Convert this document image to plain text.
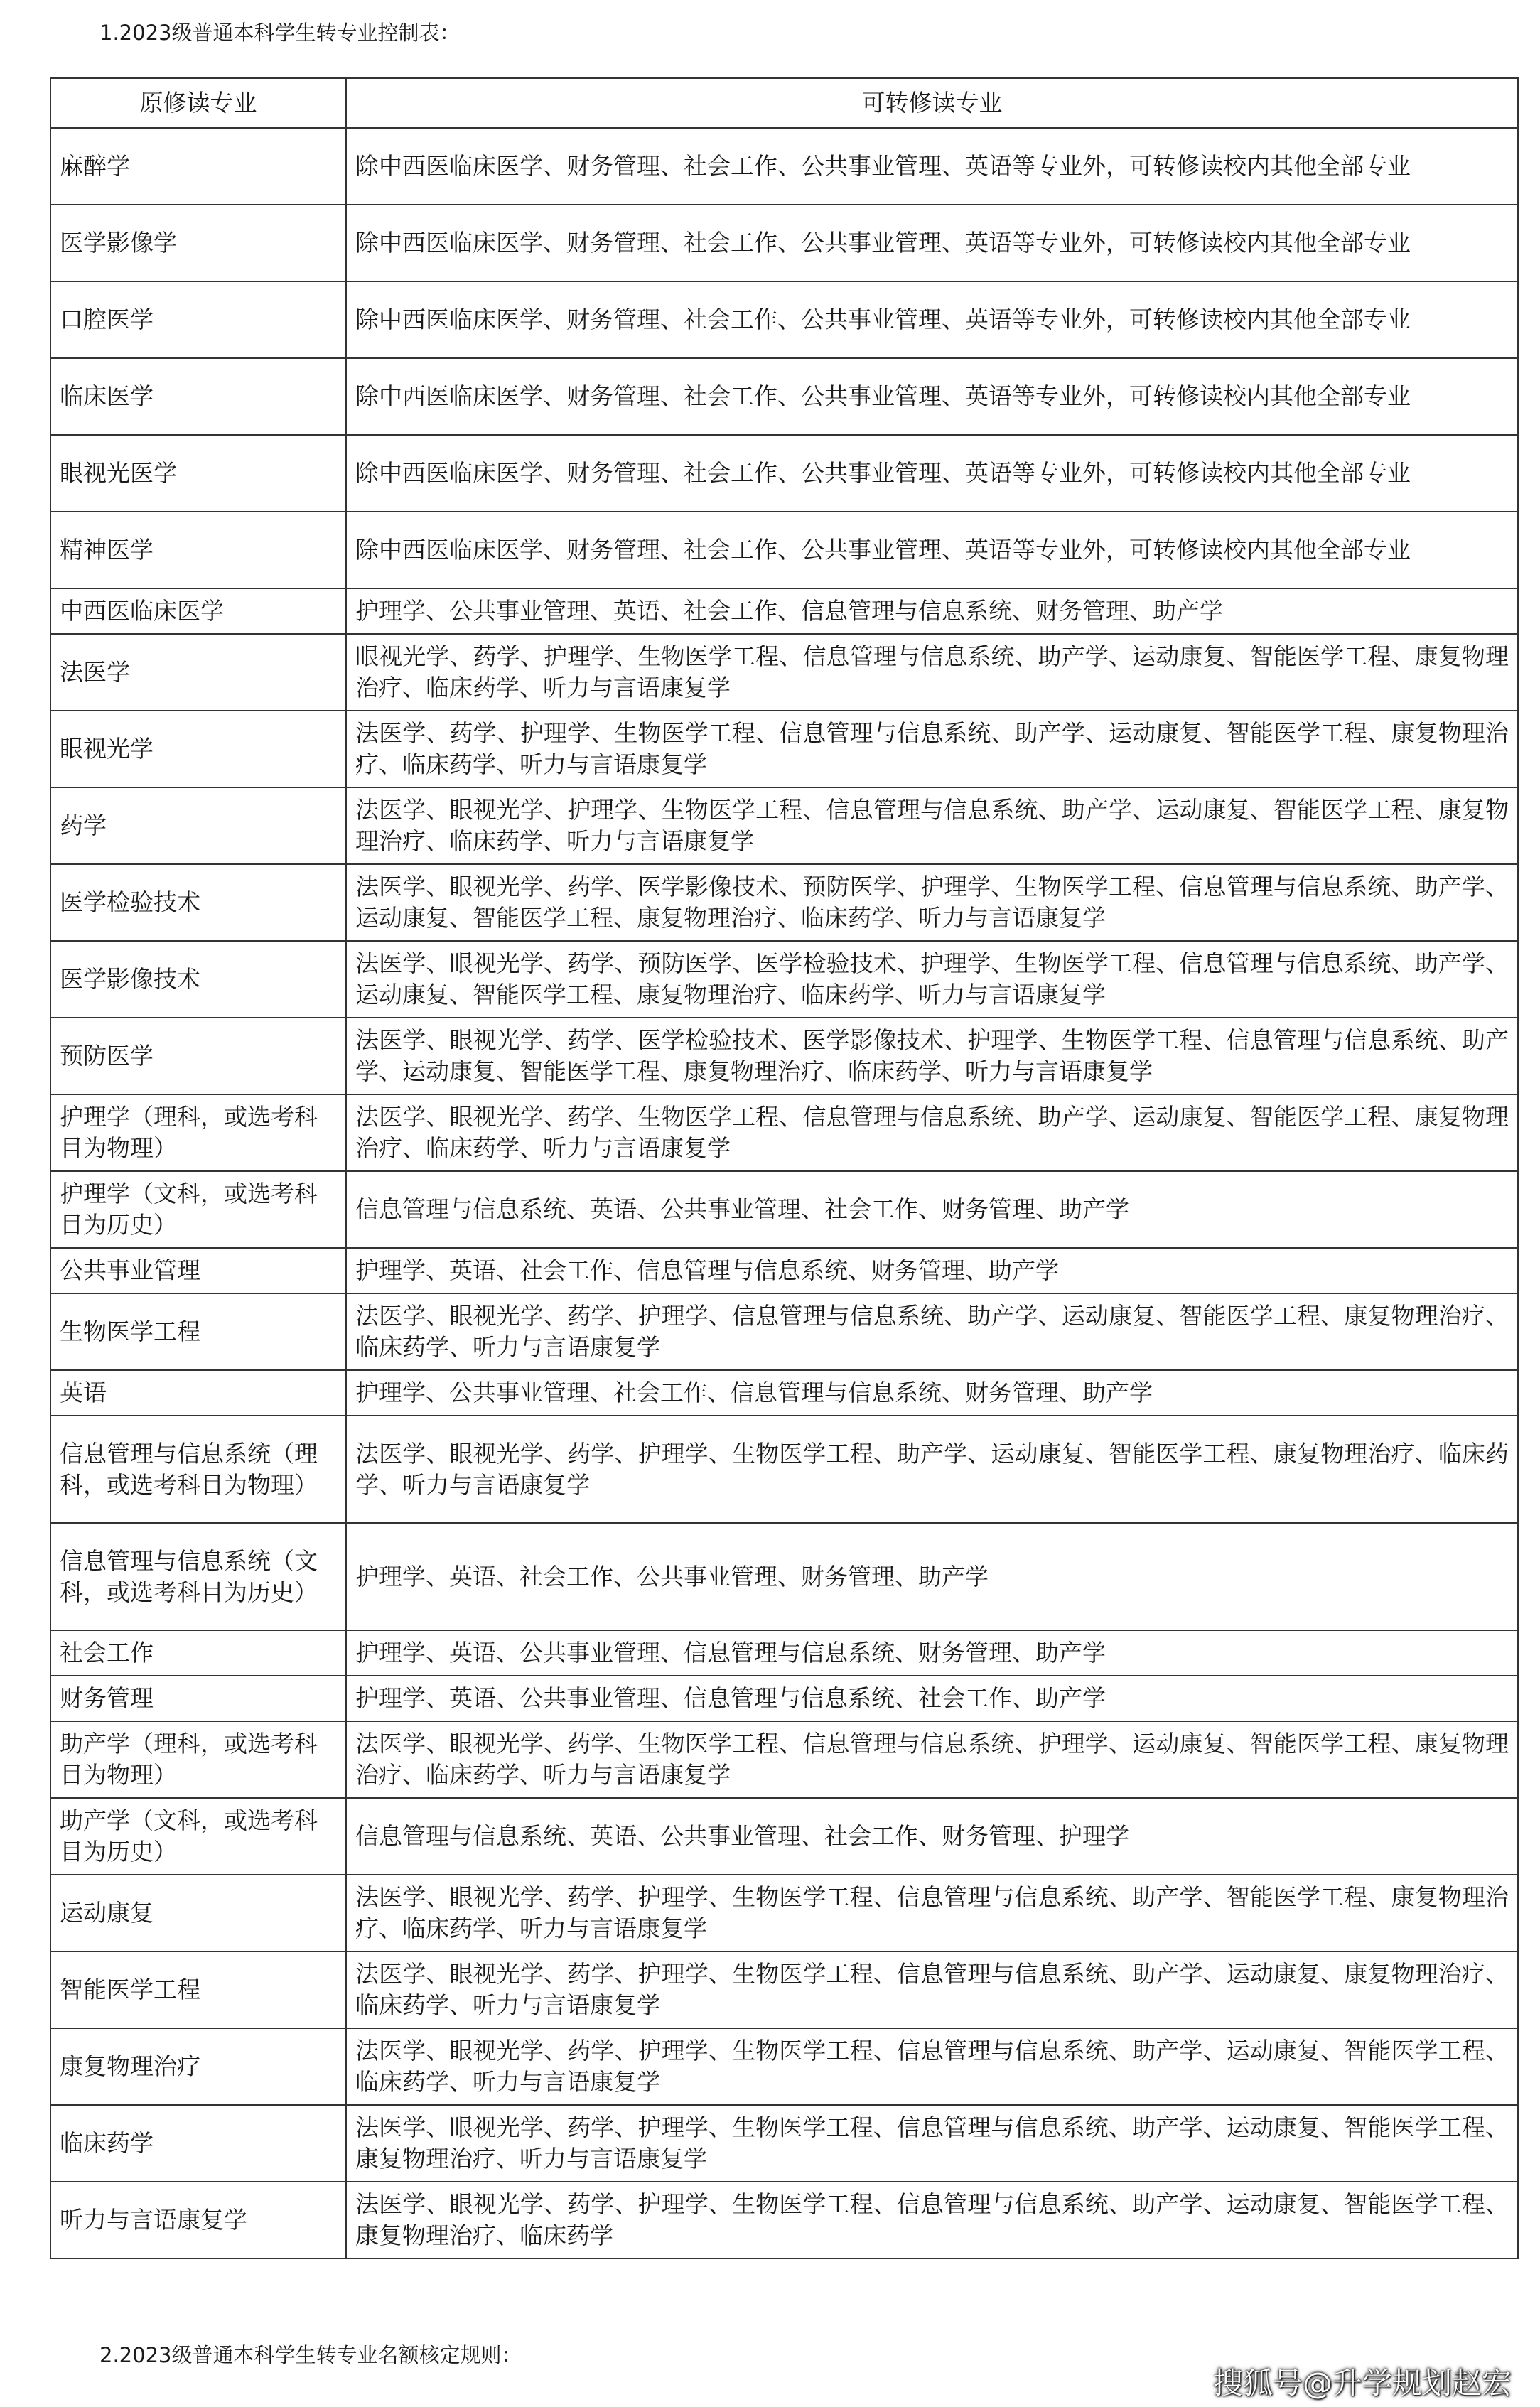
1.2023级普通本科学生转专业控制表：
原修读专业	可转修读专业
麻醉学	除中西医临床医学、财务管理、社会工作、公共事业管理、英语等专业外，可转修读校内其他全部专业
医学影像学	除中西医临床医学、财务管理、社会工作、公共事业管理、英语等专业外，可转修读校内其他全部专业
口腔医学	除中西医临床医学、财务管理、社会工作、公共事业管理、英语等专业外，可转修读校内其他全部专业
临床医学	除中西医临床医学、财务管理、社会工作、公共事业管理、英语等专业外，可转修读校内其他全部专业
眼视光医学	除中西医临床医学、财务管理、社会工作、公共事业管理、英语等专业外，可转修读校内其他全部专业
精神医学	除中西医临床医学、财务管理、社会工作、公共事业管理、英语等专业外，可转修读校内其他全部专业
中西医临床医学	护理学、公共事业管理、英语、社会工作、信息管理与信息系统、财务管理、助产学
法医学	眼视光学、药学、护理学、生物医学工程、信息管理与信息系统、助产学、运动康复、智能医学工程、康复物理治疗、临床药学、听力与言语康复学
眼视光学	法医学、药学、护理学、生物医学工程、信息管理与信息系统、助产学、运动康复、智能医学工程、康复物理治疗、临床药学、听力与言语康复学
药学	法医学、眼视光学、护理学、生物医学工程、信息管理与信息系统、助产学、运动康复、智能医学工程、康复物理治疗、临床药学、听力与言语康复学
医学检验技术	法医学、眼视光学、药学、医学影像技术、预防医学、护理学、生物医学工程、信息管理与信息系统、助产学、运动康复、智能医学工程、康复物理治疗、临床药学、听力与言语康复学
医学影像技术	法医学、眼视光学、药学、预防医学、医学检验技术、护理学、生物医学工程、信息管理与信息系统、助产学、运动康复、智能医学工程、康复物理治疗、临床药学、听力与言语康复学
预防医学	法医学、眼视光学、药学、医学检验技术、医学影像技术、护理学、生物医学工程、信息管理与信息系统、助产学、运动康复、智能医学工程、康复物理治疗、临床药学、听力与言语康复学
护理学（理科，或选考科目为物理）	法医学、眼视光学、药学、生物医学工程、信息管理与信息系统、助产学、运动康复、智能医学工程、康复物理治疗、临床药学、听力与言语康复学
护理学（文科，或选考科目为历史）	信息管理与信息系统、英语、公共事业管理、社会工作、财务管理、助产学
公共事业管理	护理学、英语、社会工作、信息管理与信息系统、财务管理、助产学
生物医学工程	法医学、眼视光学、药学、护理学、信息管理与信息系统、助产学、运动康复、智能医学工程、康复物理治疗、临床药学、听力与言语康复学
英语	护理学、公共事业管理、社会工作、信息管理与信息系统、财务管理、助产学
信息管理与信息系统（理科，或选考科目为物理）	法医学、眼视光学、药学、护理学、生物医学工程、助产学、运动康复、智能医学工程、康复物理治疗、临床药学、听力与言语康复学
信息管理与信息系统（文科，或选考科目为历史）	护理学、英语、社会工作、公共事业管理、财务管理、助产学
社会工作	护理学、英语、公共事业管理、信息管理与信息系统、财务管理、助产学
财务管理	护理学、英语、公共事业管理、信息管理与信息系统、社会工作、助产学
助产学（理科，或选考科目为物理）	法医学、眼视光学、药学、生物医学工程、信息管理与信息系统、护理学、运动康复、智能医学工程、康复物理治疗、临床药学、听力与言语康复学
助产学（文科，或选考科目为历史）	信息管理与信息系统、英语、公共事业管理、社会工作、财务管理、护理学
运动康复	法医学、眼视光学、药学、护理学、生物医学工程、信息管理与信息系统、助产学、智能医学工程、康复物理治疗、临床药学、听力与言语康复学
智能医学工程	法医学、眼视光学、药学、护理学、生物医学工程、信息管理与信息系统、助产学、运动康复、康复物理治疗、临床药学、听力与言语康复学
康复物理治疗	法医学、眼视光学、药学、护理学、生物医学工程、信息管理与信息系统、助产学、运动康复、智能医学工程、临床药学、听力与言语康复学
临床药学	法医学、眼视光学、药学、护理学、生物医学工程、信息管理与信息系统、助产学、运动康复、智能医学工程、康复物理治疗、听力与言语康复学
听力与言语康复学	法医学、眼视光学、药学、护理学、生物医学工程、信息管理与信息系统、助产学、运动康复、智能医学工程、康复物理治疗、临床药学
2.2023级普通本科学生转专业名额核定规则：
搜狐号@升学规划赵宏
